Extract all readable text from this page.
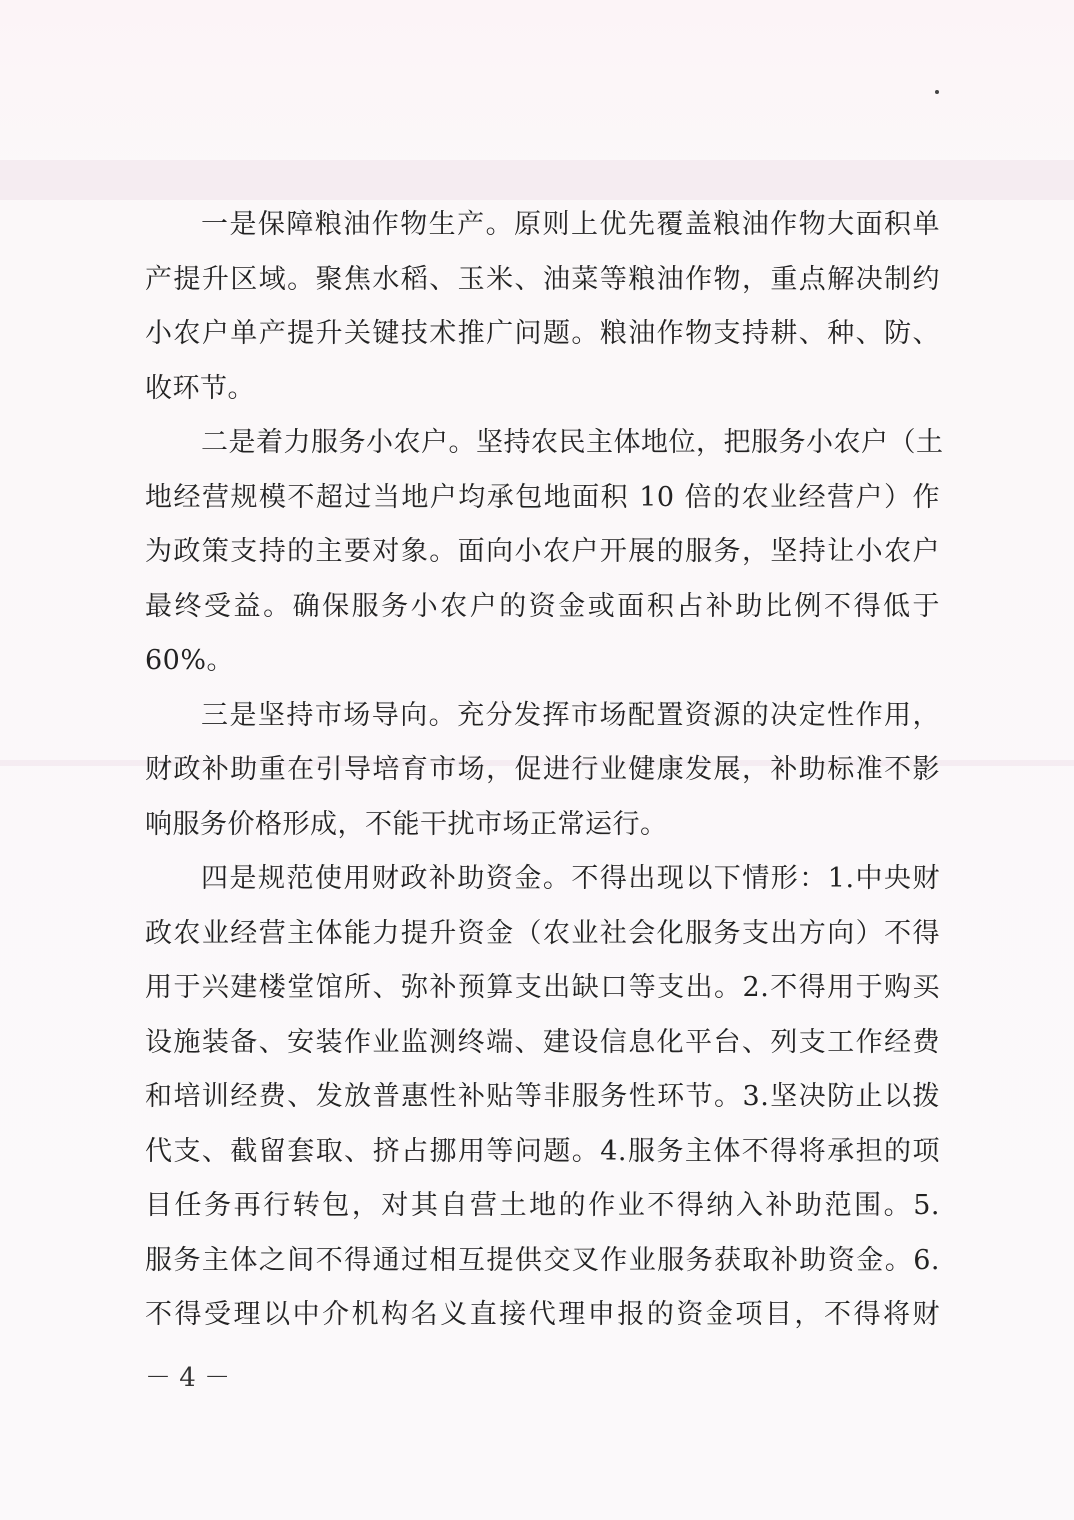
一是保障粮油作物生产。原则上优先覆盖粮油作物大面积单
产提升区域。聚焦水稻、玉米、油菜等粮油作物，重点解决制约
小农户单产提升关键技术推广问题。粮油作物支持耕、种、防、
收环节。
二是着力服务小农户。坚持农民主体地位，把服务小农户（土
地经营规模不超过当地户均承包地面积 10 倍的农业经营户）作
为政策支持的主要对象。面向小农户开展的服务，坚持让小农户
最终受益。确保服务小农户的资金或面积占补助比例不得低于
60%。
三是坚持市场导向。充分发挥市场配置资源的决定性作用，
财政补助重在引导培育市场，促进行业健康发展，补助标准不影
响服务价格形成，不能干扰市场正常运行。
四是规范使用财政补助资金。不得出现以下情形：1.中央财
政农业经营主体能力提升资金（农业社会化服务支出方向）不得
用于兴建楼堂馆所、弥补预算支出缺口等支出。2.不得用于购买
设施装备、安装作业监测终端、建设信息化平台、列支工作经费
和培训经费、发放普惠性补贴等非服务性环节。3.坚决防止以拨
代支、截留套取、挤占挪用等问题。4.服务主体不得将承担的项
目任务再行转包，对其自营土地的作业不得纳入补助范围。5.
服务主体之间不得通过相互提供交叉作业服务获取补助资金。6.
不得受理以中介机构名义直接代理申报的资金项目，不得将财
－ 4 －
